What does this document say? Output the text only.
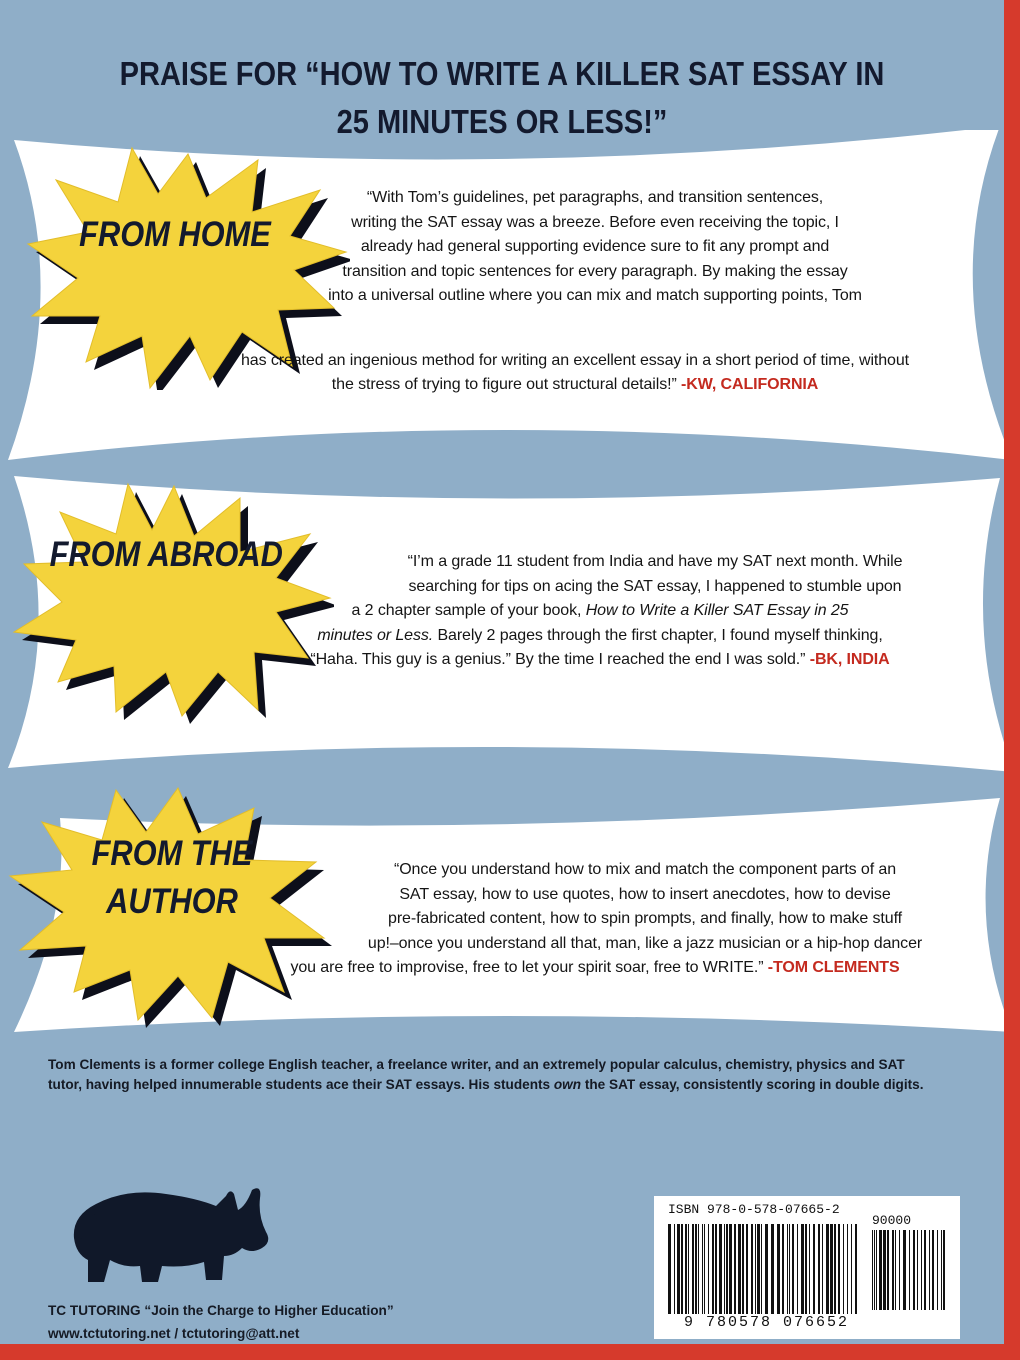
PRAISE FOR “HOW TO WRITE A KILLER SAT ESSAY IN
25 MINUTES OR LESS!”
FROM HOME
“With Tom’s guidelines, pet paragraphs, and transition sentences,
writing the SAT essay was a breeze. Before even receiving the topic, I
already had general supporting evidence sure to fit any prompt and
transition and topic sentences for every paragraph. By making the essay
into a universal outline where you can mix and match supporting points, Tom
has created an ingenious method for writing an excellent essay in a short period of time, without
the stress of trying to figure out structural details!” -KW, CALIFORNIA
FROM ABROAD	“I’m a grade 11 student from India and have my SAT next month. While
searching for tips on acing the SAT essay, I happened to stumble upon
a 2 chapter sample of your book, How to Write a Killer SAT Essay in 25
minutes or Less. Barely 2 pages through the first chapter, I found myself thinking,
“Haha. This guy is a genius.” By the time I reached the end I was sold.” -BK, INDIA
FROM THE
AUTHOR
“Once you understand how to mix and match the component parts of an
SAT essay, how to use quotes, how to insert anecdotes, how to devise
pre-fabricated content, how to spin prompts, and finally, how to make stuff
up!–once you understand all that, man, like a jazz musician or a hip-hop dancer
you are free to improvise, free to let your spirit soar, free to WRITE.” -TOM CLEMENTS
Tom Clements is a former college English teacher, a freelance writer, and an extremely popular calculus, chemistry, physics and SAT tutor, having helped innumerable students ace their SAT essays. His students own the SAT essay, consistently scoring in double digits.
TC TUTORING “Join the Charge to Higher Education”
www.tctutoring.net / tctutoring@att.net
ISBN 978-0-578-07665-2
90000
9 780578 076652
